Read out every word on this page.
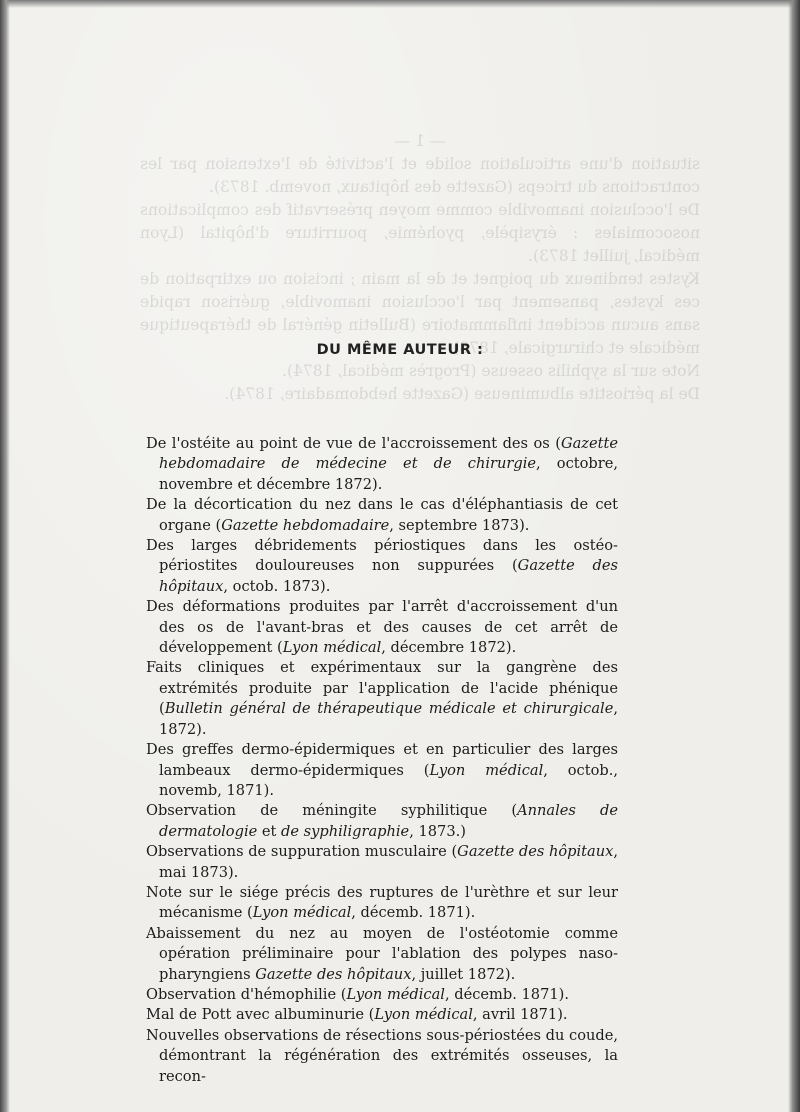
— 1 —

situation d'une articulation solide et l'activité de l'extension par les contractions du triceps (Gazette des hôpitaux, novemb. 1873).

De l'occlusion inamovible comme moyen préservatif des complications nosocomiales : érysipèle, pyohémie, pourriture d'hôpital (Lyon médical, juillet 1873).

Kystes tendineux du poignet et de la main ; incision ou extirpation de ces kystes, pansement par l'occlusion inamovible, guérison rapide sans aucun accident inflammatoire (Bulletin général de thérapeutique médicale et chirurgicale, 1873).

Note sur la syphilis osseuse (Progrès médical, 1874).

De la périostite albumineuse (Gazette hebdomadaire, 1874).

DU MÊME AUTEUR :

De l'ostéite au point de vue de l'accroissement des os (Gazette hebdomadaire de médecine et de chirurgie, octobre, novembre et décembre 1872).

De la décortication du nez dans le cas d'éléphantiasis de cet organe (Gazette hebdomadaire, septembre 1873).

Des larges débridements périostiques dans les ostéo-périostites douloureuses non suppurées (Gazette des hôpitaux, octob. 1873).

Des déformations produites par l'arrêt d'accroissement d'un des os de l'avant-bras et des causes de cet arrêt de développement (Lyon médical, décembre 1872).

Faits cliniques et expérimentaux sur la gangrène des extrémités produite par l'application de l'acide phénique (Bulletin général de thérapeutique médicale et chirurgicale, 1872).

Des greffes dermo-épidermiques et en particulier des larges lambeaux dermo-épidermiques (Lyon médical, octob., novemb, 1871).

Observation de méningite syphilitique (Annales de dermatologie et de syphiligraphie, 1873.)

Observations de suppuration musculaire (Gazette des hôpitaux, mai 1873).

Note sur le siége précis des ruptures de l'urèthre et sur leur mécanisme (Lyon médical, décemb. 1871).

Abaissement du nez au moyen de l'ostéotomie comme opération préliminaire pour l'ablation des polypes naso-pharyngiens Gazette des hôpitaux, juillet 1872).

Observation d'hémophilie (Lyon médical, décemb. 1871).

Mal de Pott avec albuminurie (Lyon médical, avril 1871).

Nouvelles observations de résections sous-périostées du coude, démontrant la régénération des extrémités osseuses, la recon-
